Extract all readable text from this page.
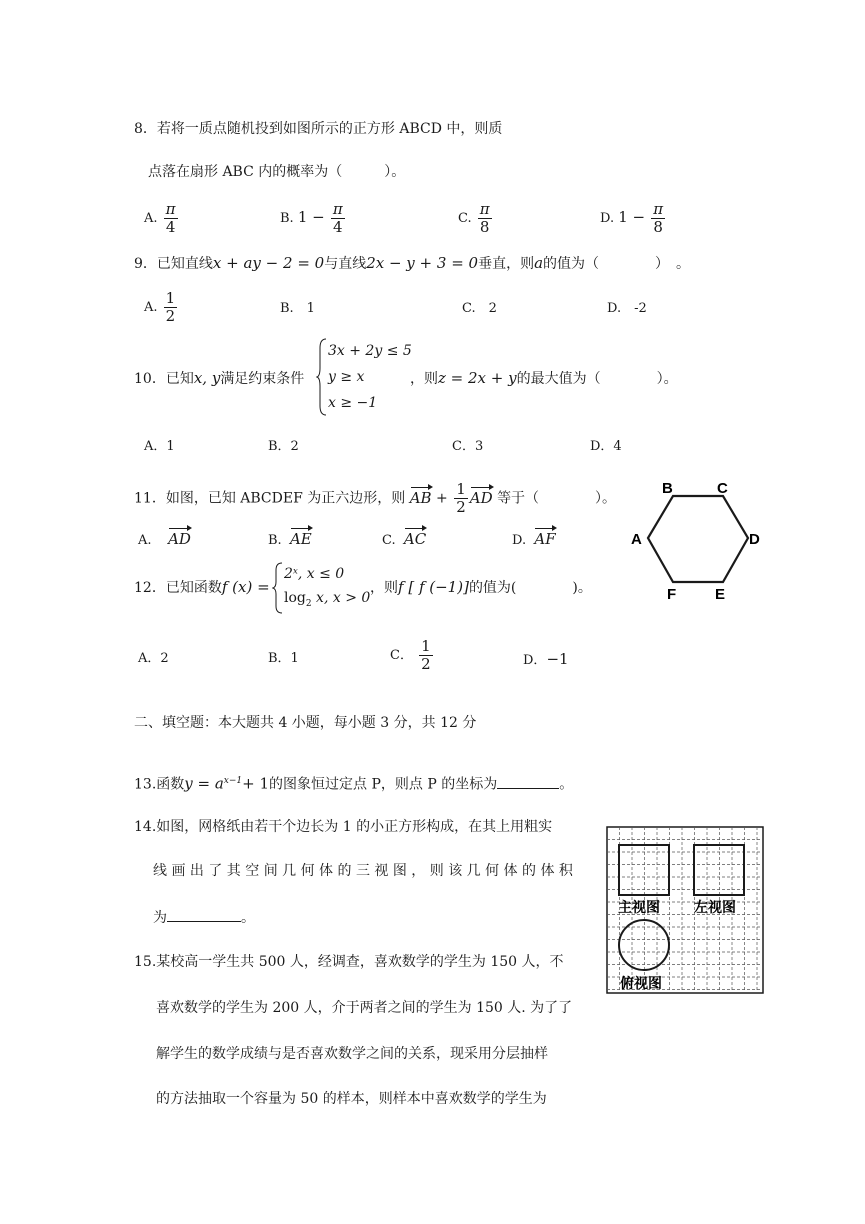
8．若将一质点随机投到如图所示的正方形 ABCD 中，则质
点落在扇形 ABC 内的概率为（　　　）。
A. $\frac{\pi}{4}$	B. $1 - \frac{\pi}{4}$	C. $\frac{\pi}{8}$	D. $1 - \frac{\pi}{8}$
9．已知直线x + ay − 2 = 0与直线2x − y + 3 = 0垂直，则a的值为（　　　　）　。
A. $\frac{1}{2}$	B.　1	C.　2	D.　-2
10．已知x, y满足约束条件
3x + 2y ≤ 5
y ≥ x
x ≥ −1
，则z = 2x + y的最大值为（　　　　）。
A．1	B．2	C．3	D．4
11．如图，已知 ABCDEF 为正六边形，则 AB + $\frac{1}{2}$ AD 等于（　　　　）。
A. AD	B. AE	C. AC	D. AF
B	C
A	D
F	E
12．已知函数f (x) =
2ˣ, x ≤ 0
$\log_2 x$, x > 0
，则f [ f (−1)]的值为(　　　　)。
A．2	B．1	C． $\frac{1}{2}$	D．−1
二、填空题：本大题共 4 小题，每小题 3 分，共 12 分
13.函数$y = a^{x-1}+ 1$的图象恒过定点 P，则点 P 的坐标为	。
14.如图，网格纸由若干个边长为 1 的小正方形构成，在其上用粗实
线 画 出 了 其 空 间 几 何 体 的 三 视 图 ， 则 该 几 何 体 的 体 积
为	。
主视图 左视图
俯视图
15.某校高一学生共 500 人，经调查，喜欢数学的学生为 150 人，不
喜欢数学的学生为 200 人，介于两者之间的学生为 150 人. 为了了
解学生的数学成绩与是否喜欢数学之间的关系，现采用分层抽样
的方法抽取一个容量为 50 的样本，则样本中喜欢数学的学生为
